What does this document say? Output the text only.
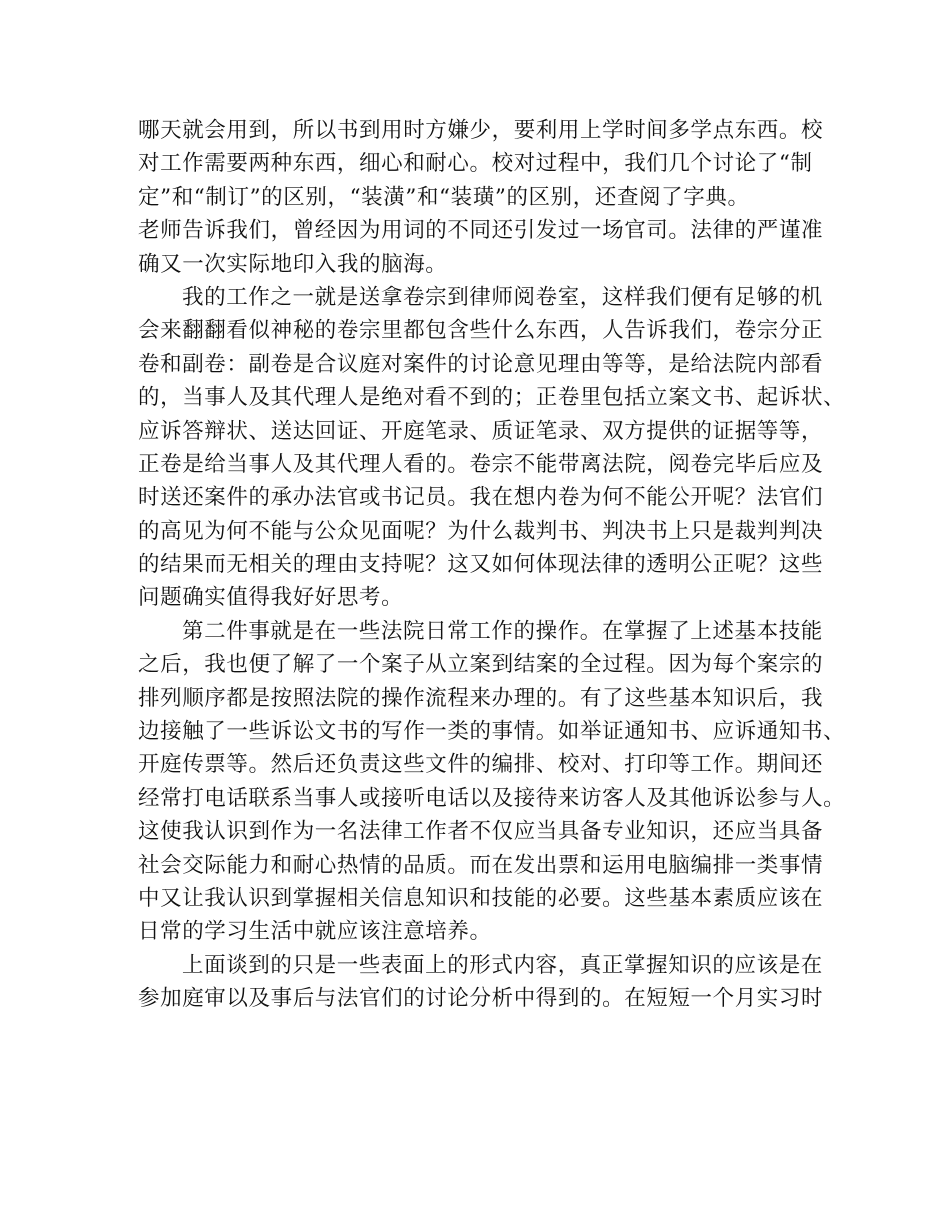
哪天就会用到，所以书到用时方嫌少，要利用上学时间多学点东西。校
对工作需要两种东西，细心和耐心。校对过程中，我们几个讨论了“制
定”和“制订”的区别，“装潢”和“装璜”的区别，还查阅了字典。
老师告诉我们，曾经因为用词的不同还引发过一场官司。法律的严谨准
确又一次实际地印入我的脑海。
我的工作之一就是送拿卷宗到律师阅卷室，这样我们便有足够的机
会来翻翻看似神秘的卷宗里都包含些什么东西，人告诉我们，卷宗分正
卷和副卷：副卷是合议庭对案件的讨论意见理由等等，是给法院内部看
的，当事人及其代理人是绝对看不到的；正卷里包括立案文书、起诉状、
应诉答辩状、送达回证、开庭笔录、质证笔录、双方提供的证据等等，
正卷是给当事人及其代理人看的。卷宗不能带离法院，阅卷完毕后应及
时送还案件的承办法官或书记员。我在想内卷为何不能公开呢？法官们
的高见为何不能与公众见面呢？为什么裁判书、判决书上只是裁判判决
的结果而无相关的理由支持呢？这又如何体现法律的透明公正呢？这些
问题确实值得我好好思考。
第二件事就是在一些法院日常工作的操作。在掌握了上述基本技能
之后，我也便了解了一个案子从立案到结案的全过程。因为每个案宗的
排列顺序都是按照法院的操作流程来办理的。有了这些基本知识后，我
边接触了一些诉讼文书的写作一类的事情。如举证通知书、应诉通知书、
开庭传票等。然后还负责这些文件的编排、校对、打印等工作。期间还
经常打电话联系当事人或接听电话以及接待来访客人及其他诉讼参与人。
这使我认识到作为一名法律工作者不仅应当具备专业知识，还应当具备
社会交际能力和耐心热情的品质。而在发出票和运用电脑编排一类事情
中又让我认识到掌握相关信息知识和技能的必要。这些基本素质应该在
日常的学习生活中就应该注意培养。
上面谈到的只是一些表面上的形式内容，真正掌握知识的应该是在
参加庭审以及事后与法官们的讨论分析中得到的。在短短一个月实习时
